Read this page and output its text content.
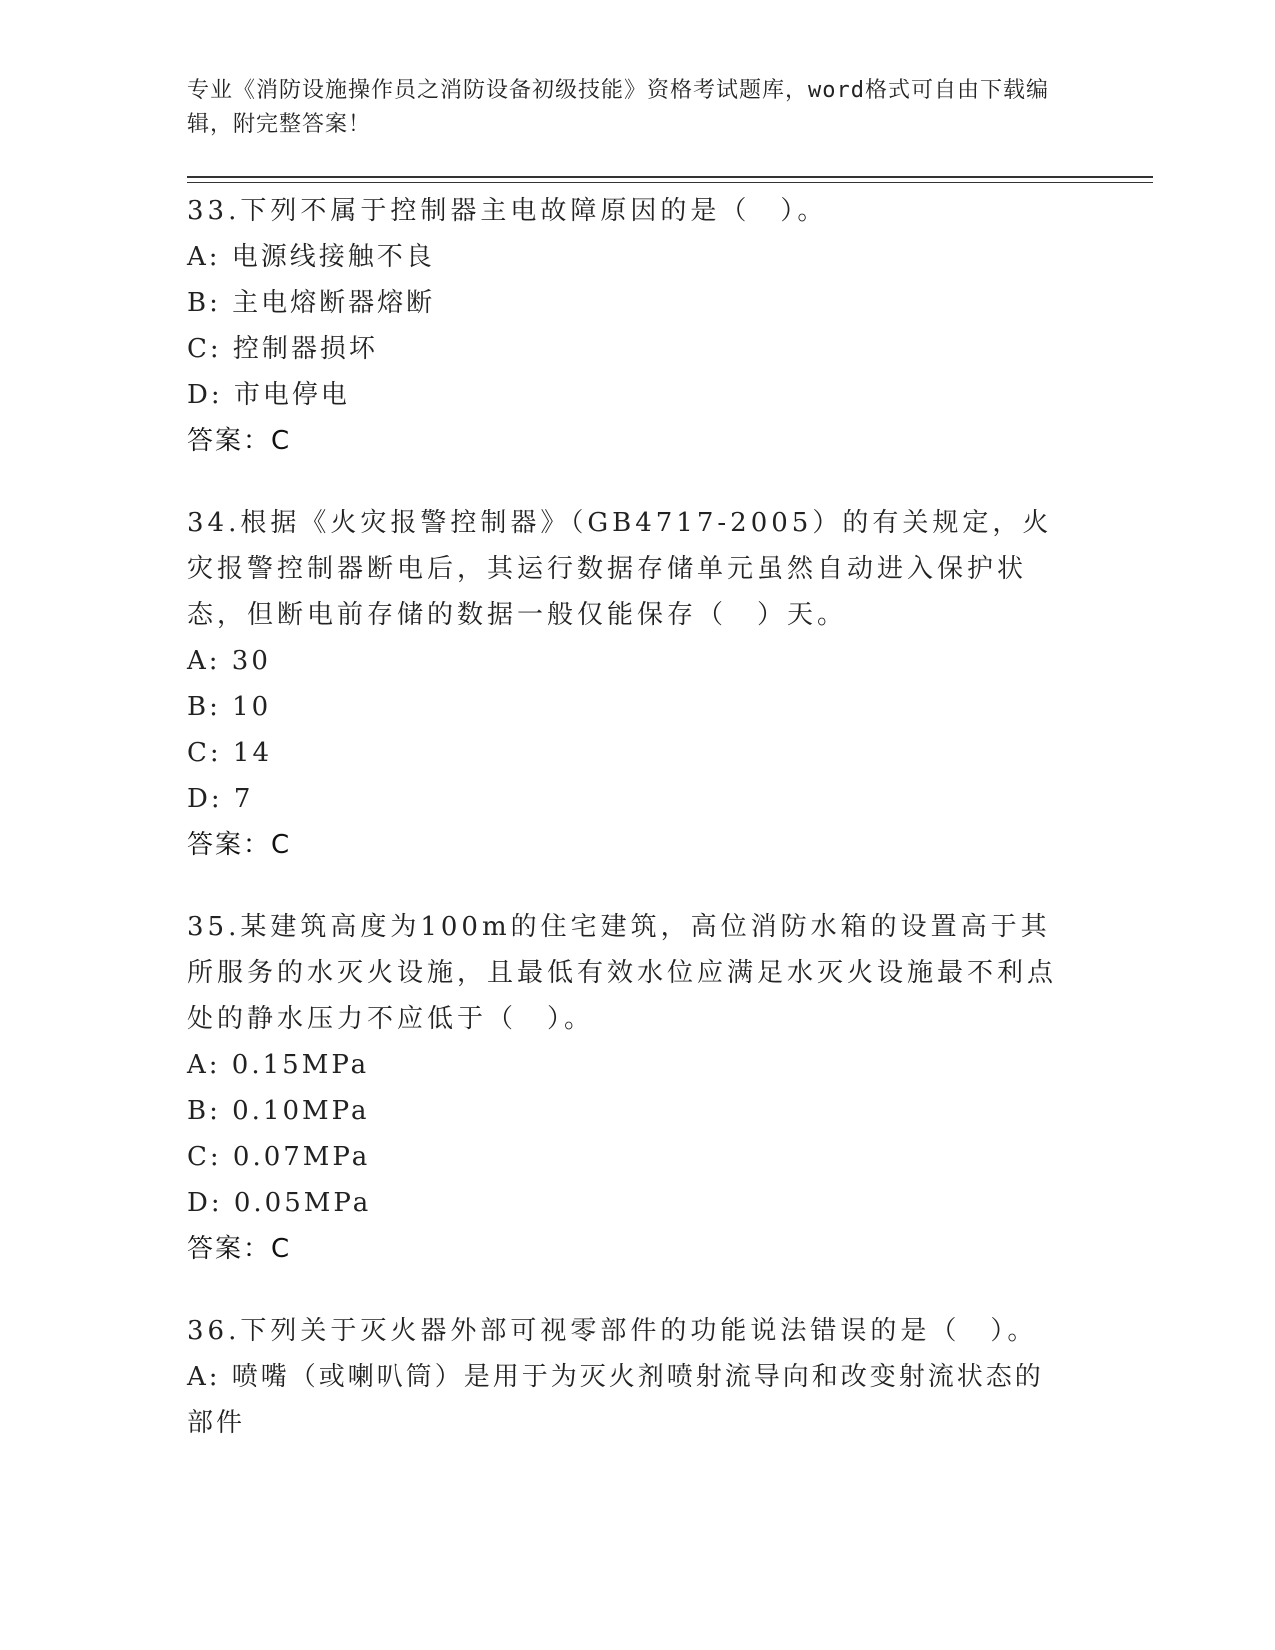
专业《消防设施操作员之消防设备初级技能》资格考试题库，word格式可自由下载编辑，附完整答案！

33.下列不属于控制器主电故障原因的是（　）。

A: 电源线接触不良

B: 主电熔断器熔断

C: 控制器损坏

D: 市电停电

答案：C

34.根据《火灾报警控制器》（GB4717-2005）的有关规定，火灾报警控制器断电后，其运行数据存储单元虽然自动进入保护状态，但断电前存储的数据一般仅能保存（　）天。

A: 30

B: 10

C: 14

D: 7

答案：C

35.某建筑高度为100m的住宅建筑，高位消防水箱的设置高于其所服务的水灭火设施，且最低有效水位应满足水灭火设施最不利点处的静水压力不应低于（　）。

A: 0.15MPa

B: 0.10MPa

C: 0.07MPa

D: 0.05MPa

答案：C

36.下列关于灭火器外部可视零部件的功能说法错误的是（　）。

A: 喷嘴（或喇叭筒）是用于为灭火剂喷射流导向和改变射流状态的部件
